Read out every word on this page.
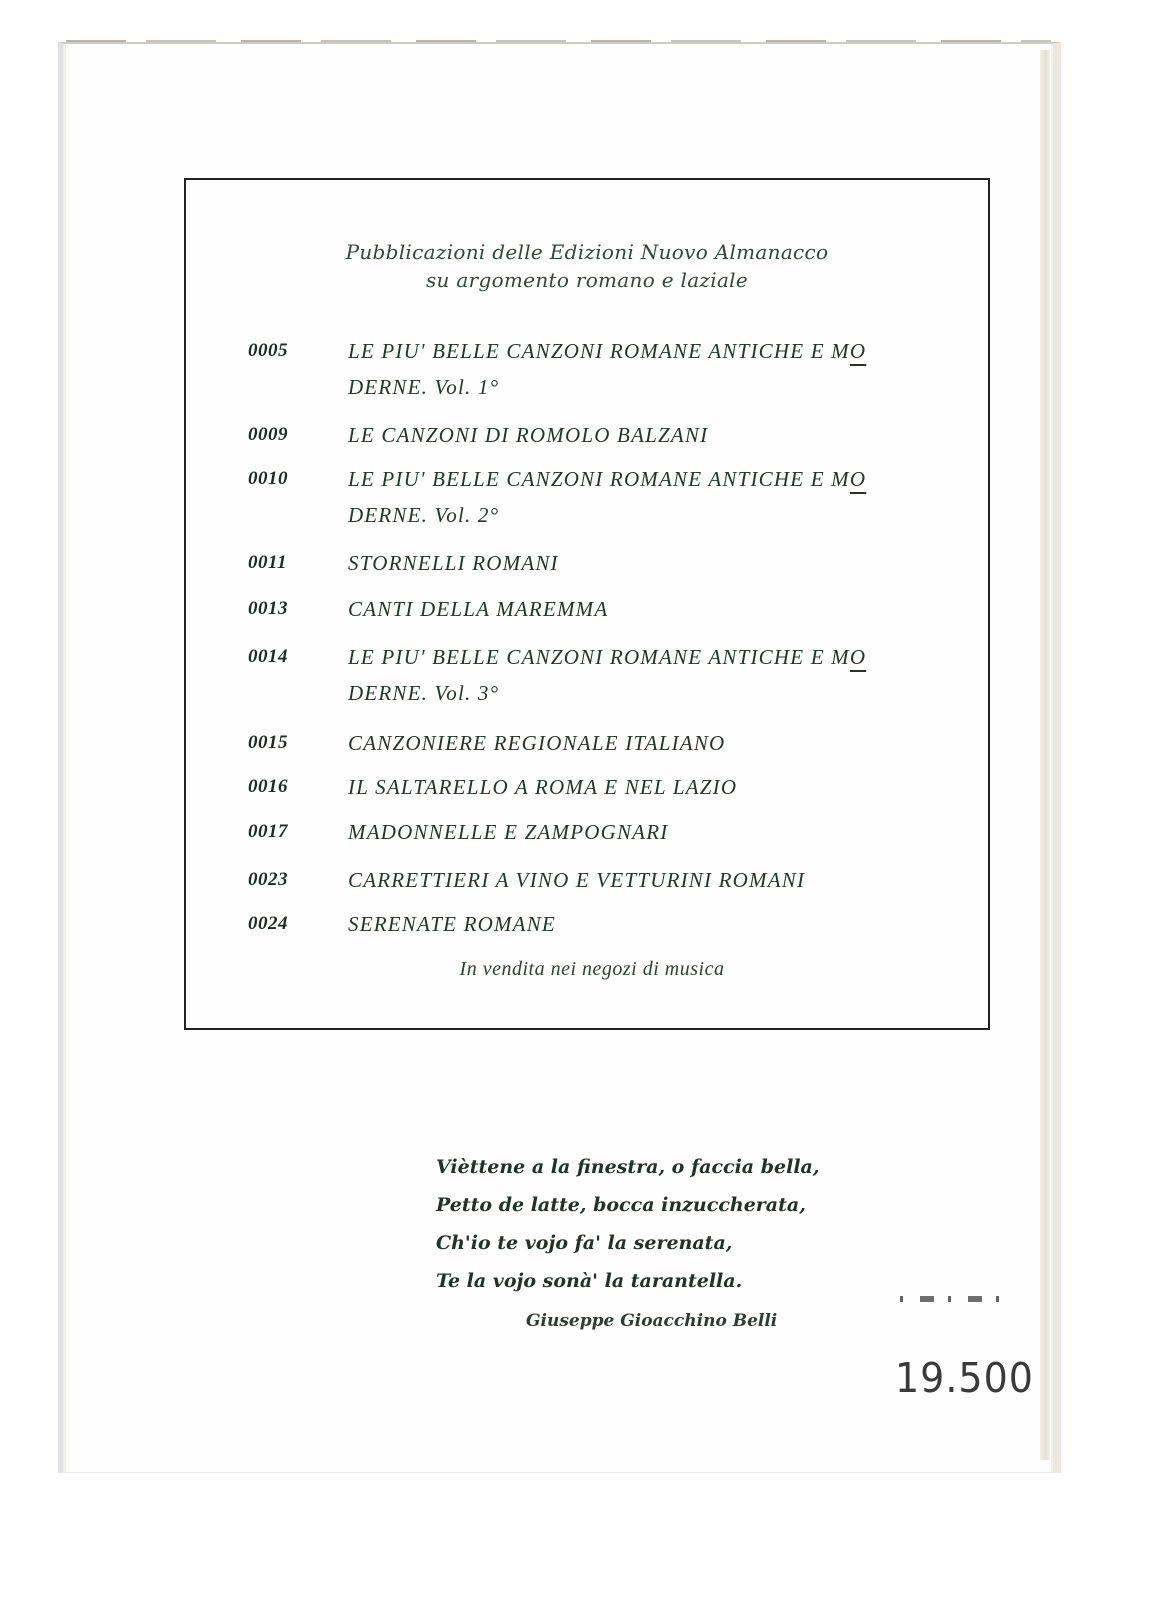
Pubblicazioni delle Edizioni Nuovo Almanacco
su argomento romano e laziale
0005	LE PIU' BELLE CANZONI ROMANE ANTICHE E MO
DERNE. Vol. 1°
0009	LE CANZONI DI ROMOLO BALZANI
0010	LE PIU' BELLE CANZONI ROMANE ANTICHE E MO
DERNE. Vol. 2°
0011	STORNELLI ROMANI
0013	CANTI DELLA MAREMMA
0014	LE PIU' BELLE CANZONI ROMANE ANTICHE E MO
DERNE. Vol. 3°
0015	CANZONIERE REGIONALE ITALIANO
0016	IL SALTARELLO A ROMA E NEL LAZIO
0017	MADONNELLE E ZAMPOGNARI
0023	CARRETTIERI A VINO E VETTURINI ROMANI
0024	SERENATE ROMANE
In vendita nei negozi di musica
Vièttene a la finestra, o faccia bella,
Petto de latte, bocca inzuccherata,
Ch'io te vojo fa' la serenata,
Te la vojo sonà' la tarantella.
Giuseppe Gioacchino Belli
19.500
